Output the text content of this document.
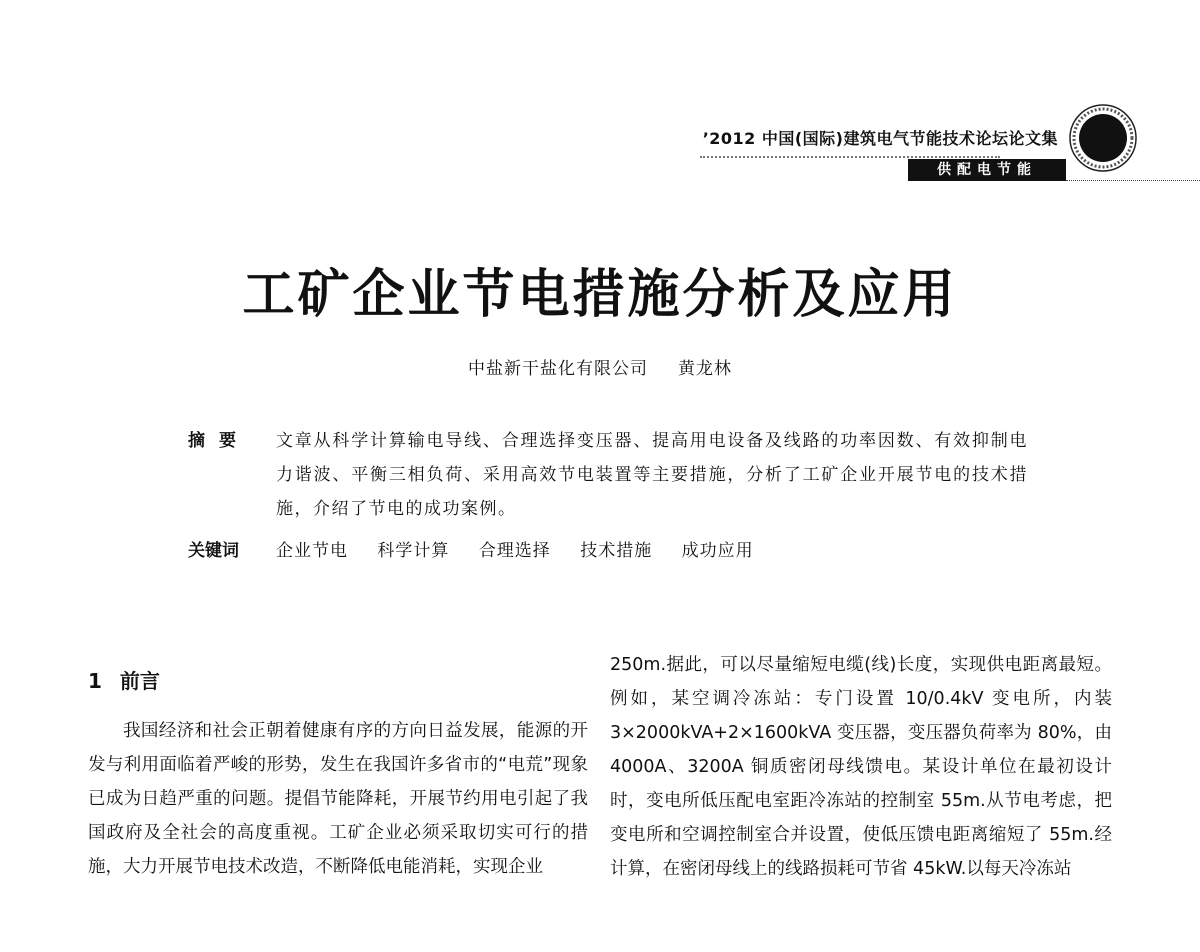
’2012 中国(国际)建筑电气节能技术论坛论文集
供配电节能
工矿企业节电措施分析及应用
中盐新干盐化有限公司 黄龙林
摘要	文章从科学计算输电导线、合理选择变压器、提高用电设备及线路的功率因数、有效抑制电力谐波、平衡三相负荷、采用高效节电装置等主要措施，分析了工矿企业开展节电的技术措施，介绍了节电的成功案例。
关键词 企业节电 科学计算 合理选择 技术措施 成功应用
1 前言

我国经济和社会正朝着健康有序的方向日益发展，能源的开发与利用面临着严峻的形势，发生在我国许多省市的“电荒”现象已成为日趋严重的问题。提倡节能降耗，开展节约用电引起了我国政府及全社会的高度重视。工矿企业必须采取切实可行的措施，大力开展节电技术改造，不断降低电能消耗，实现企业

250m.据此，可以尽量缩短电缆(线)长度，实现供电距离最短。例如，某空调冷冻站：专门设置 10/0.4kV 变电所，内装 3×2000kVA+2×1600kVA 变压器，变压器负荷率为 80%，由 4000A、3200A 铜质密闭母线馈电。某设计单位在最初设计时，变电所低压配电室距冷冻站的控制室 55m.从节电考虑，把变电所和空调控制室合并设置，使低压馈电距离缩短了 55m.经计算，在密闭母线上的线路损耗可节省 45kW.以每天冷冻站
